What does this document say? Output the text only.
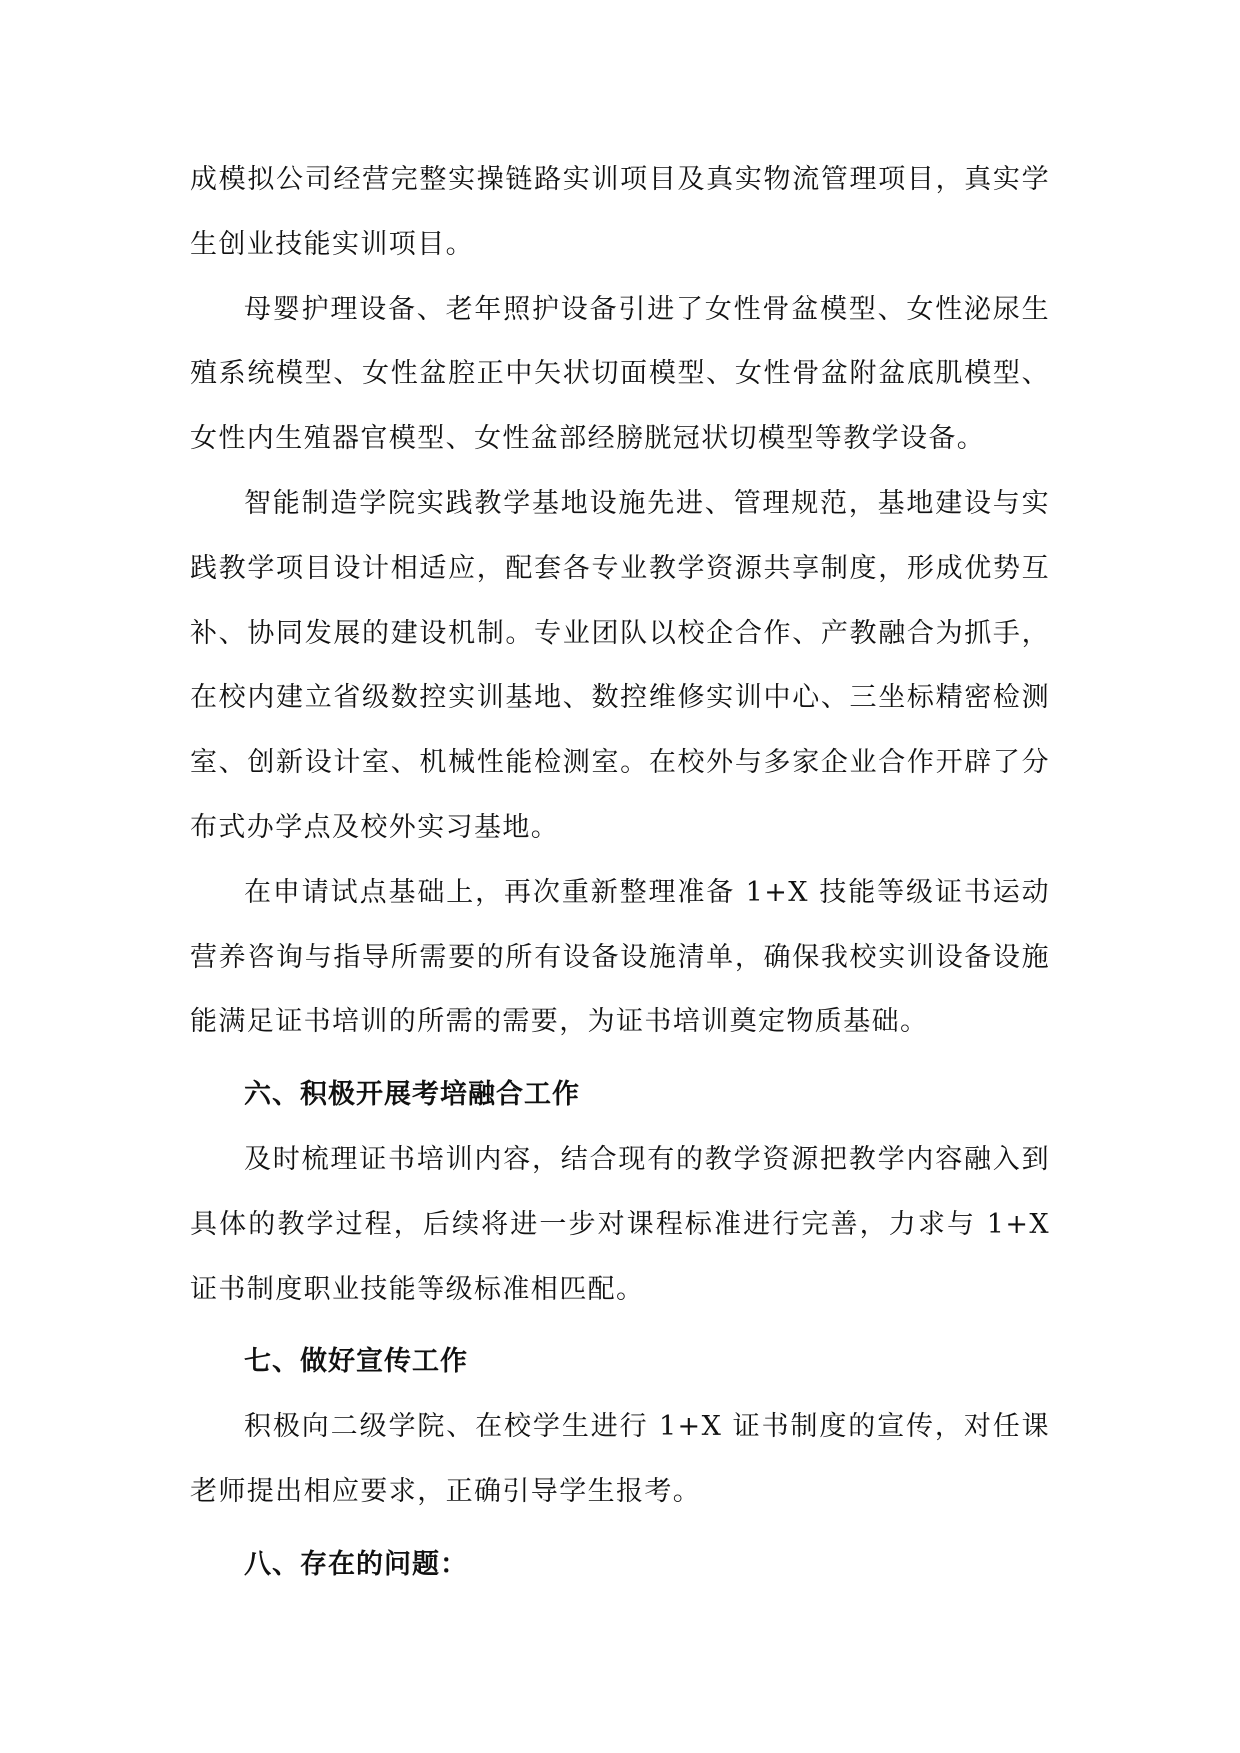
成模拟公司经营完整实操链路实训项目及真实物流管理项目，真实学生创业技能实训项目。

母婴护理设备、老年照护设备引进了女性骨盆模型、女性泌尿生殖系统模型、女性盆腔正中矢状切面模型、女性骨盆附盆底肌模型、女性内生殖器官模型、女性盆部经膀胱冠状切模型等教学设备。

智能制造学院实践教学基地设施先进、管理规范，基地建设与实践教学项目设计相适应，配套各专业教学资源共享制度，形成优势互补、协同发展的建设机制。专业团队以校企合作、产教融合为抓手，在校内建立省级数控实训基地、数控维修实训中心、三坐标精密检测室、创新设计室、机械性能检测室。在校外与多家企业合作开辟了分布式办学点及校外实习基地。

在申请试点基础上，再次重新整理准备 1+X 技能等级证书运动营养咨询与指导所需要的所有设备设施清单，确保我校实训设备设施能满足证书培训的所需的需要，为证书培训奠定物质基础。

六、积极开展考培融合工作

及时梳理证书培训内容，结合现有的教学资源把教学内容融入到具体的教学过程，后续将进一步对课程标准进行完善，力求与 1+X 证书制度职业技能等级标准相匹配。

七、做好宣传工作

积极向二级学院、在校学生进行 1+X 证书制度的宣传，对任课老师提出相应要求，正确引导学生报考。

八、存在的问题：
